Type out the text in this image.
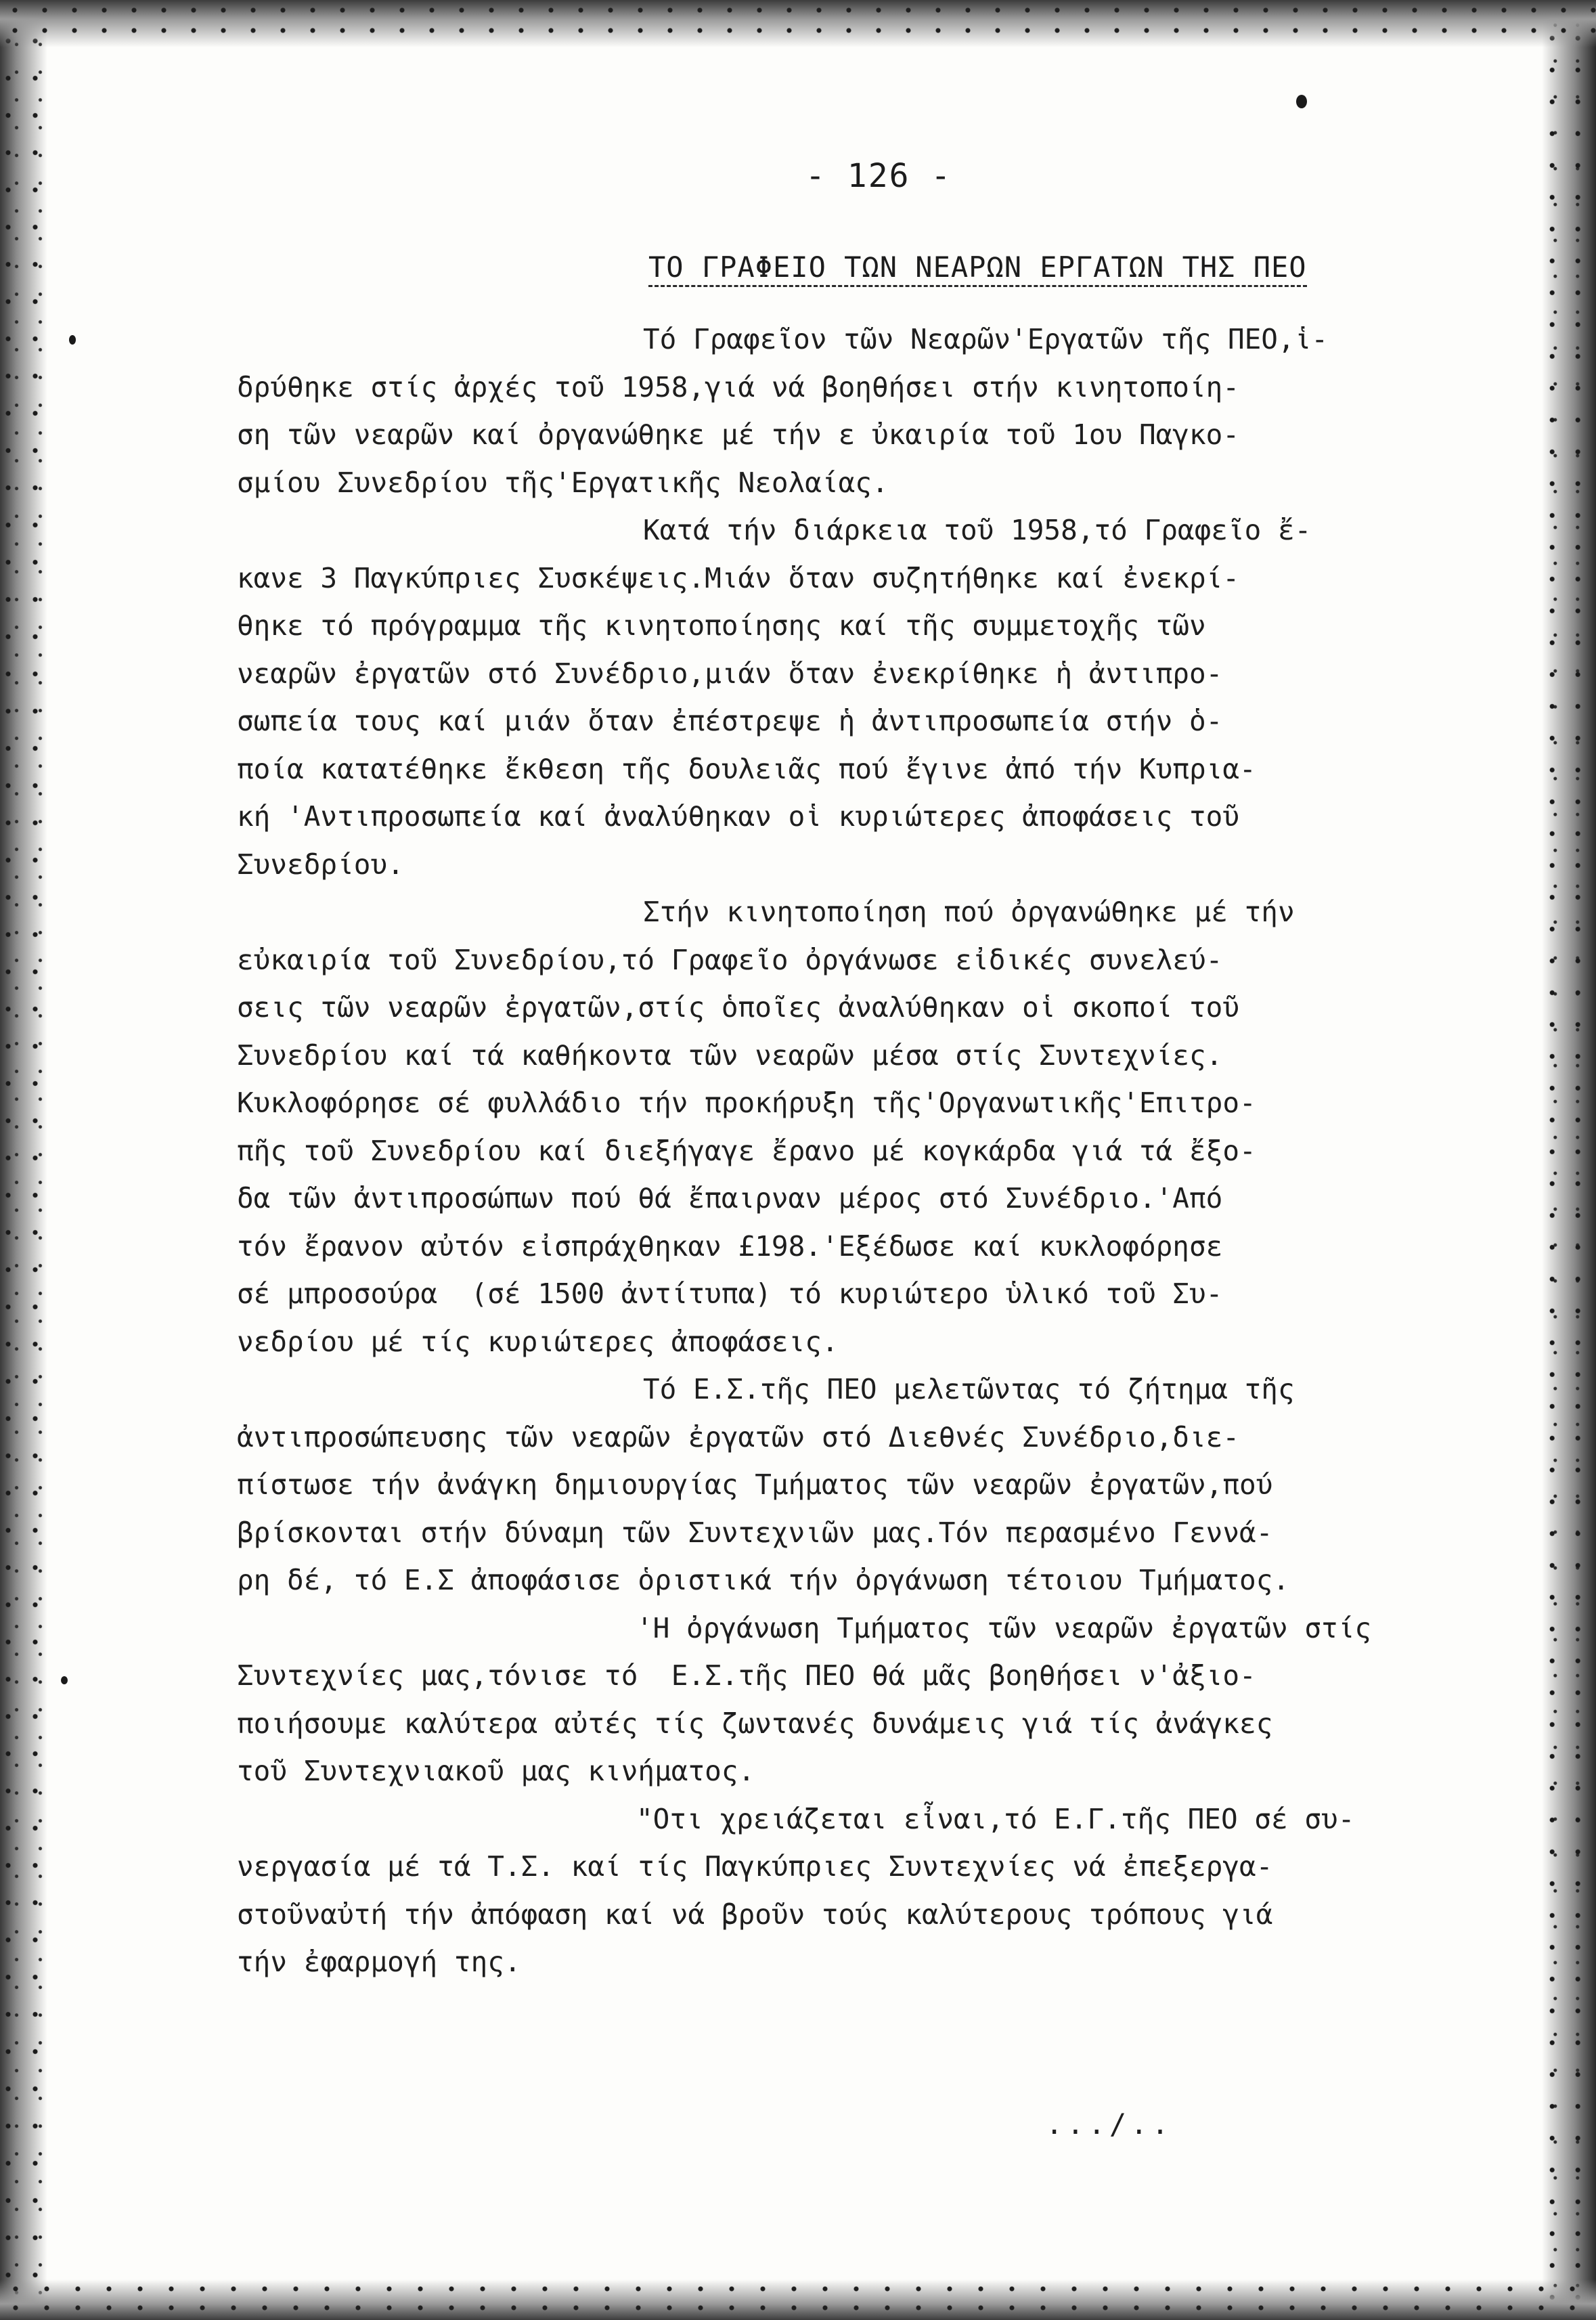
- 126 -
ΤΟ ΓΡΑΦΕΙΟ ΤΩΝ ΝΕΑΡΩΝ ΕΡΓΑΤΩΝ ΤΗΣ ΠΕΟ
Τό Γραφεῖον τῶν Νεαρῶν'Εργατῶν τῆς ΠΕΟ,ἱ-
δρύθηκε στίς ἀρχές τοῦ 1958,γιά νά βοηθήσει στήν κινητοποίη-
ση τῶν νεαρῶν καί ὀργανώθηκε μέ τήν ε ὐκαιρία τοῦ 1ου Παγκο-
σμίου Συνεδρίου τῆς'Εργατικῆς Νεολαίας.
Κατά τήν διάρκεια τοῦ 1958,τό Γραφεῖο ἔ-
κανε 3 Παγκύπριες Συσκέψεις.Μιάν ὅταν συζητήθηκε καί ἐνεκρί-
θηκε τό πρόγραμμα τῆς κινητοποίησης καί τῆς συμμετοχῆς τῶν
νεαρῶν ἐργατῶν στό Συνέδριο,μιάν ὅταν ἐνεκρίθηκε ἡ ἀντιπρο-
σωπεία τους καί μιάν ὅταν ἐπέστρεψε ἡ ἀντιπροσωπεία στήν ὁ-
ποία κατατέθηκε ἔκθεση τῆς δουλειᾶς πού ἔγινε ἀπό τήν Κυπρια-
κή 'Αντιπροσωπεία καί ἀναλύθηκαν οἱ κυριώτερες ἀποφάσεις τοῦ
Συνεδρίου.
Στήν κινητοποίηση πού ὀργανώθηκε μέ τήν
εὐκαιρία τοῦ Συνεδρίου,τό Γραφεῖο ὀργάνωσε εἰδικές συνελεύ-
σεις τῶν νεαρῶν ἐργατῶν,στίς ὁποῖες ἀναλύθηκαν οἱ σκοποί τοῦ
Συνεδρίου καί τά καθήκοντα τῶν νεαρῶν μέσα στίς Συντεχνίες.
Κυκλοφόρησε σέ φυλλάδιο τήν προκήρυξη τῆς'Οργανωτικῆς'Επιτρο-
πῆς τοῦ Συνεδρίου καί διεξήγαγε ἔρανο μέ κογκάρδα γιά τά ἔξο-
δα τῶν ἀντιπροσώπων πού θά ἔπαιρναν μέρος στό Συνέδριο.'Από
τόν ἔρανον αὐτόν εἰσπράχθηκαν £198.'Εξέδωσε καί κυκλοφόρησε
σέ μπροσούρα  (σέ 1500 ἀντίτυπα) τό κυριώτερο ὑλικό τοῦ Συ-
νεδρίου μέ τίς κυριώτερες ἀποφάσεις.
Τό Ε.Σ.τῆς ΠΕΟ μελετῶντας τό ζήτημα τῆς
ἀντιπροσώπευσης τῶν νεαρῶν ἐργατῶν στό Διεθνές Συνέδριο,διε-
πίστωσε τήν ἀνάγκη δημιουργίας Τμήματος τῶν νεαρῶν ἐργατῶν,πού
βρίσκονται στήν δύναμη τῶν Συντεχνιῶν μας.Τόν περασμένο Γεννά-
ρη δέ, τό Ε.Σ ἀποφάσισε ὁριστικά τήν ὀργάνωση τέτοιου Τμήματος.
'Η ὀργάνωση Τμήματος τῶν νεαρῶν ἐργατῶν στίς
Συντεχνίες μας,τόνισε τό  Ε.Σ.τῆς ΠΕΟ θά μᾶς βοηθήσει ν'ἀξιο-
ποιήσουμε καλύτερα αὐτές τίς ζωντανές δυνάμεις γιά τίς ἀνάγκες
τοῦ Συντεχνιακοῦ μας κινήματος.
"Οτι χρειάζεται εἶναι,τό Ε.Γ.τῆς ΠΕΟ σέ συ-
νεργασία μέ τά Τ.Σ. καί τίς Παγκύπριες Συντεχνίες νά ἐπεξεργα-
στοῦναὐτή τήν ἀπόφαση καί νά βροῦν τούς καλύτερους τρόπους γιά
τήν ἐφαρμογή της.
.../..
